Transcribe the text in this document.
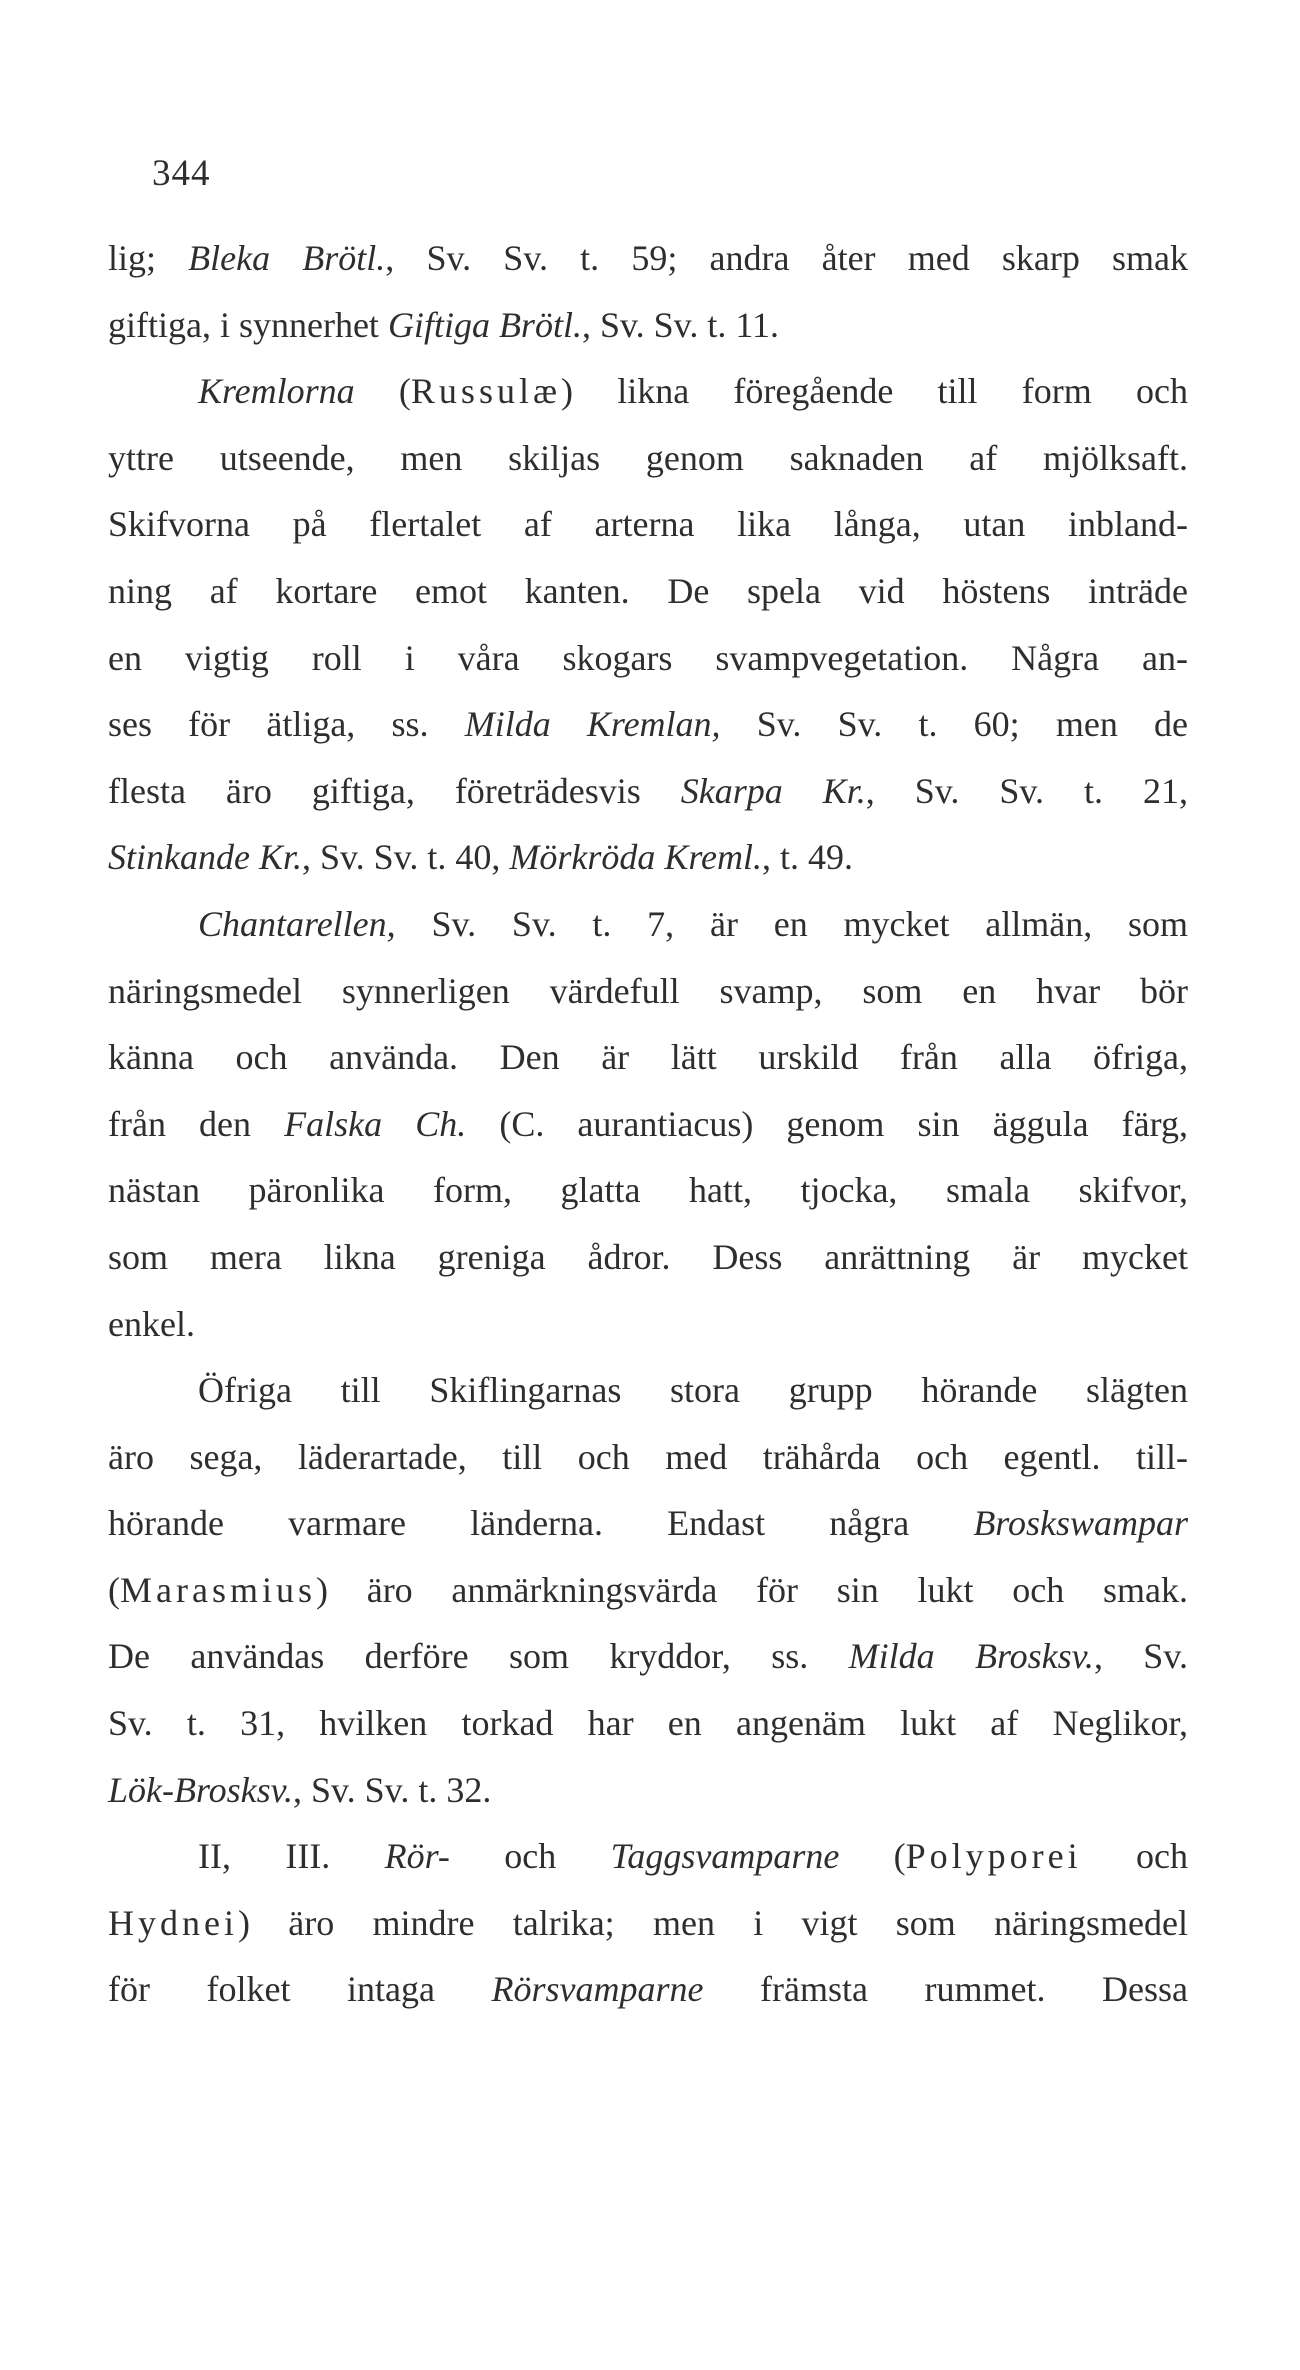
344
lig; Bleka Brötl., Sv. Sv. t. 59; andra åter med skarp smak
giftiga, i synnerhet Giftiga Brötl., Sv. Sv. t. 11.
Kremlorna (Russulæ) likna föregående till form och
yttre utseende, men skiljas genom saknaden af mjölksaft.
Skifvorna på flertalet af arterna lika långa, utan inbland-
ning af kortare emot kanten. De spela vid höstens inträde
en vigtig roll i våra skogars svampvegetation. Några an-
ses för ätliga, ss. Milda Kremlan, Sv. Sv. t. 60; men de
flesta äro giftiga, företrädesvis Skarpa Kr., Sv. Sv. t. 21,
Stinkande Kr., Sv. Sv. t. 40, Mörkröda Kreml., t. 49.
Chantarellen, Sv. Sv. t. 7, är en mycket allmän, som
näringsmedel synnerligen värdefull svamp, som en hvar bör
känna och använda. Den är lätt urskild från alla öfriga,
från den Falska Ch. (C. aurantiacus) genom sin äggula färg,
nästan päronlika form, glatta hatt, tjocka, smala skifvor,
som mera likna greniga ådror. Dess anrättning är mycket
enkel.
Öfriga till Skiflingarnas stora grupp hörande slägten
äro sega, läderartade, till och med trähårda och egentl. till-
hörande varmare länderna. Endast några Broskswampar
(Marasmius) äro anmärkningsvärda för sin lukt och smak.
De användas derföre som kryddor, ss. Milda Brosksv., Sv.
Sv. t. 31, hvilken torkad har en angenäm lukt af Neglikor,
Lök-Brosksv., Sv. Sv. t. 32.
II, III. Rör- och Taggsvamparne (Polyporei och
Hydnei) äro mindre talrika; men i vigt som näringsmedel
för folket intaga Rörsvamparne främsta rummet. Dessa
